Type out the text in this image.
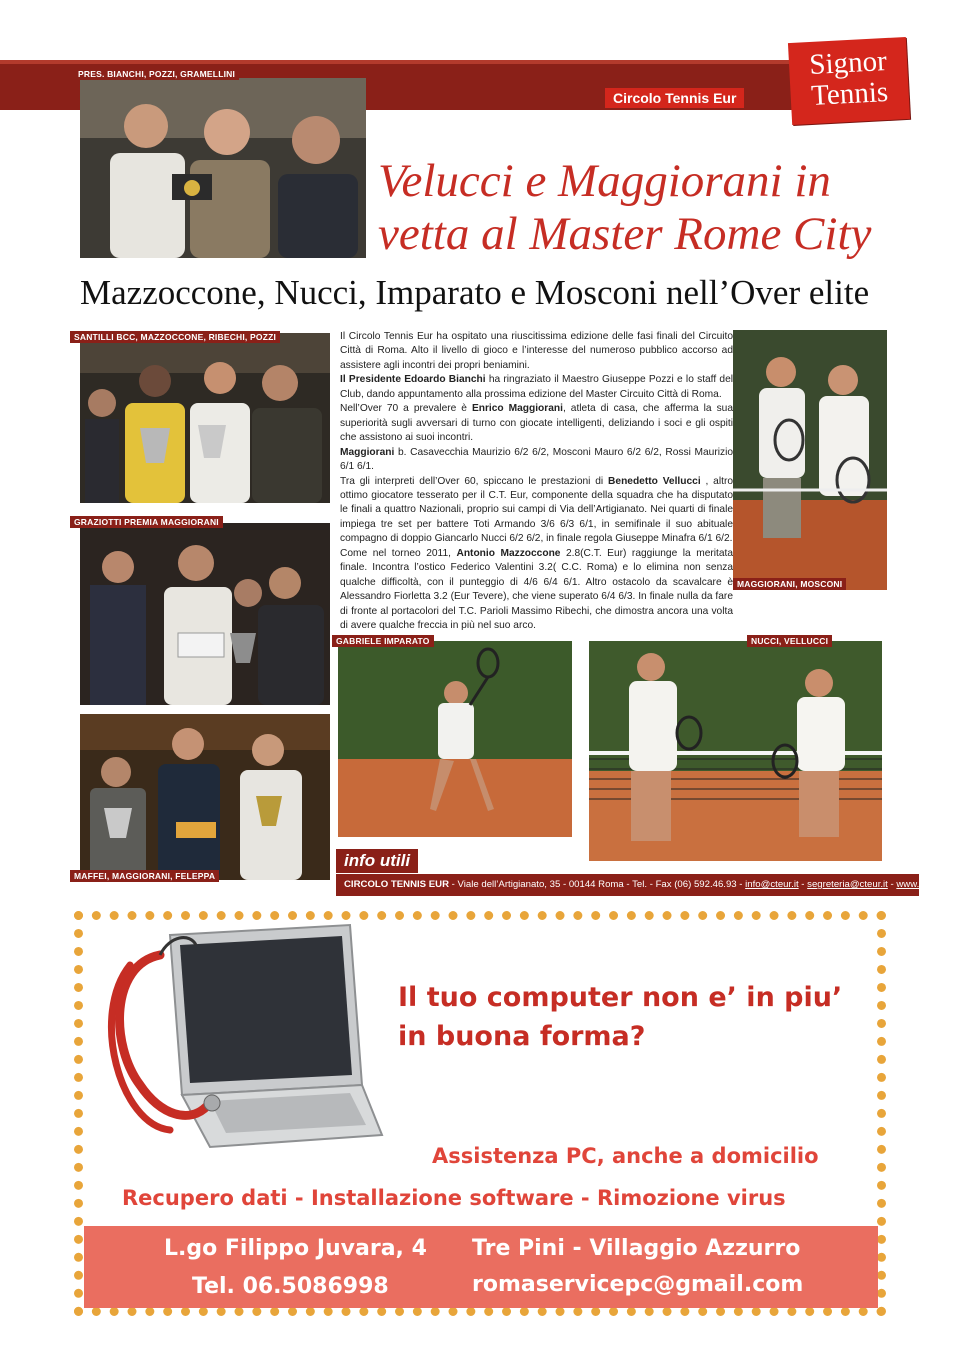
Circolo Tennis Eur
Signor
Tennis
PRES. BIANCHI, POZZI, GRAMELLINI
Velucci e Maggiorani in
vetta al Master Rome City
Mazzoccone, Nucci, Imparato e Mosconi nell’Over elite
SANTILLI BCC, MAZZOCCONE, RIBECHI, POZZI
GRAZIOTTI PREMIA MAGGIORANI
MAFFEI, MAGGIORANI, FELEPPA

Il Circolo Tennis Eur ha ospitato una riuscitissima edizione delle fasi finali del Circuito Città di Roma. Alto il livello di gioco e l’interesse del numeroso pubblico accorso ad assistere agli incontri dei propri beniamini.

Il Presidente Edoardo Bianchi ha ringraziato il Maestro Giuseppe Pozzi e lo staff del Club, dando appuntamento alla prossima edizione del Master Circuito Città di Roma.

Nell’Over 70 a prevalere è Enrico Maggiorani, atleta di casa, che afferma la sua superiorità sugli avversari di turno con giocate intelligenti, deliziando i soci e gli ospiti che assistono ai suoi incontri.

Maggiorani b. Casavecchia Maurizio 6/2 6/2, Mosconi Mauro 6/2 6/2, Rossi Maurizio 6/1 6/1.

Tra gli interpreti dell’Over 60, spiccano le prestazioni di Benedetto Vellucci , altro ottimo giocatore tesserato per il C.T. Eur, componente della squadra che ha disputato le finali a quattro Nazionali, proprio sui campi di Via dell’Artigianato. Nei quarti di finale impiega tre set per battere Toti Armando 3/6 6/3 6/1, in semifinale il suo abituale compagno di doppio Giancarlo Nucci 6/2 6/2, in finale regola Giuseppe Minafra 6/1 6/2.

Come nel torneo 2011, Antonio Mazzoccone 2.8(C.T. Eur) raggiunge la meritata finale. Incontra l’ostico Federico Valentini 3.2( C.C. Roma) e lo elimina non senza qualche difficoltà, con il punteggio di 4/6 6/4 6/1. Altro ostacolo da scavalcare è Alessandro Fiorletta 3.2 (Eur Tevere), che viene superato 6/4 6/3. In finale nulla da fare di fronte al portacolori del T.C. Parioli Massimo Ribechi, che dimostra ancora una volta di avere qualche freccia in più nel suo arco.

MAGGIORANI, MOSCONI
GABRIELE IMPARATO	NUCCI, VELLUCCI
info utili
CIRCOLO TENNIS EUR - Viale dell’Artigianato, 35 - 00144 Roma - Tel. - Fax (06) 592.46.93 - info@cteur.it - segreteria@cteur.it - www.cteur.it
Il tuo computer non e’ in piu’
in buona forma?
Assistenza PC, anche a domicilio
Recupero dati - Installazione software - Rimozione virus
L.go Filippo Juvara, 4 Tre Pini - Villaggio Azzurro
Tel. 06.5086998	romaservicepc@gmail.com
